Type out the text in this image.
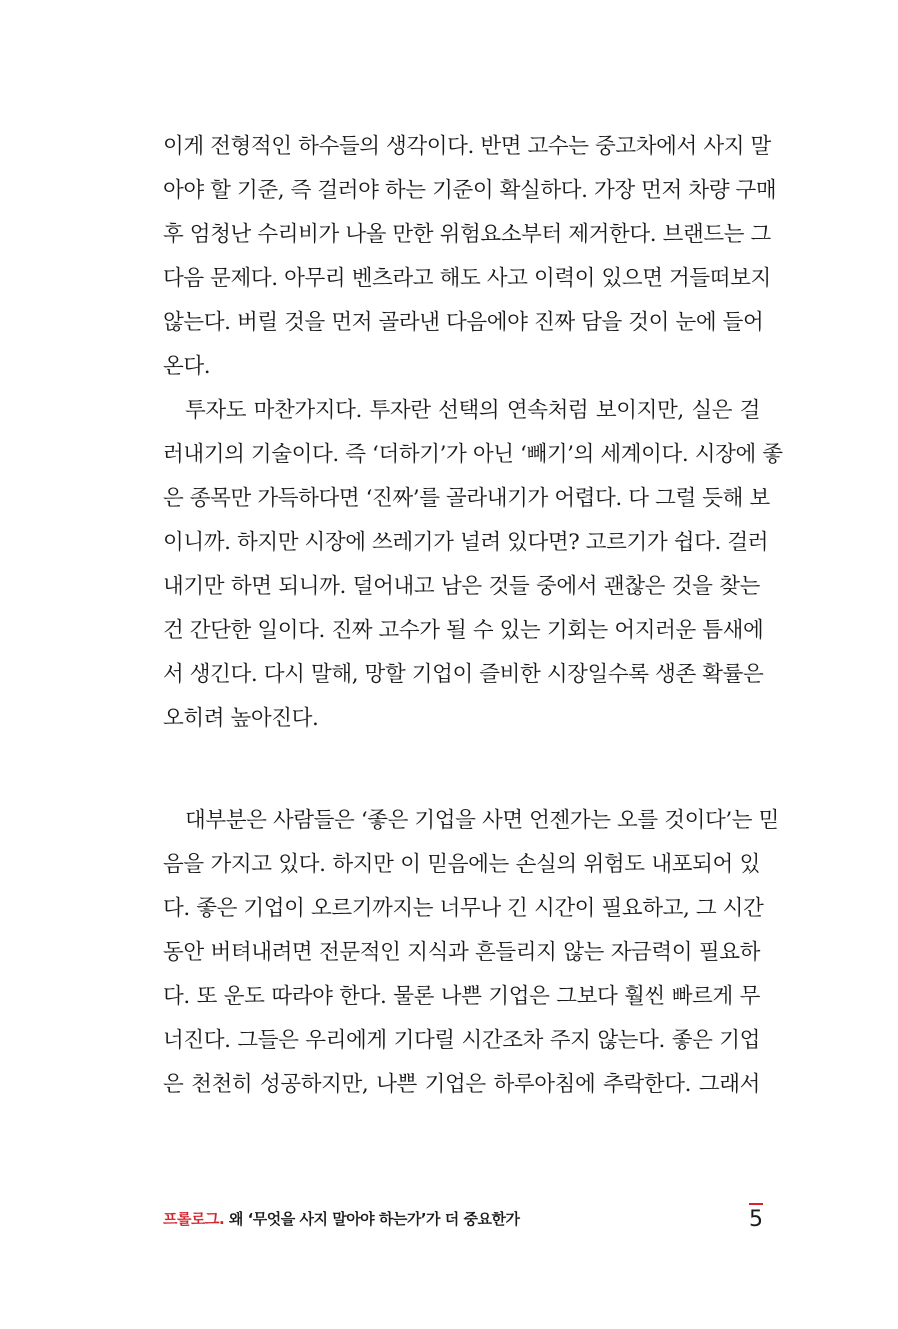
이게 전형적인 하수들의 생각이다. 반면 고수는 중고차에서 사지 말

아야 할 기준, 즉 걸러야 하는 기준이 확실하다. 가장 먼저 차량 구매

후 엄청난 수리비가 나올 만한 위험요소부터 제거한다. 브랜드는 그

다음 문제다. 아무리 벤츠라고 해도 사고 이력이 있으면 거들떠보지

않는다. 버릴 것을 먼저 골라낸 다음에야 진짜 담을 것이 눈에 들어

온다.

투자도 마찬가지다. 투자란 선택의 연속처럼 보이지만, 실은 걸

러내기의 기술이다. 즉 ‘더하기’가 아닌 ‘빼기’의 세계이다. 시장에 좋

은 종목만 가득하다면 ‘진짜’를 골라내기가 어렵다. 다 그럴 듯해 보

이니까. 하지만 시장에 쓰레기가 널려 있다면? 고르기가 쉽다. 걸러

내기만 하면 되니까. 덜어내고 남은 것들 중에서 괜찮은 것을 찾는

건 간단한 일이다. 진짜 고수가 될 수 있는 기회는 어지러운 틈새에

서 생긴다. 다시 말해, 망할 기업이 즐비한 시장일수록 생존 확률은

오히려 높아진다.

대부분은 사람들은 ‘좋은 기업을 사면 언젠가는 오를 것이다’는 믿

음을 가지고 있다. 하지만 이 믿음에는 손실의 위험도 내포되어 있

다. 좋은 기업이 오르기까지는 너무나 긴 시간이 필요하고, 그 시간

동안 버텨내려면 전문적인 지식과 흔들리지 않는 자금력이 필요하

다. 또 운도 따라야 한다. 물론 나쁜 기업은 그보다 훨씬 빠르게 무

너진다. 그들은 우리에게 기다릴 시간조차 주지 않는다. 좋은 기업

은 천천히 성공하지만, 나쁜 기업은 하루아침에 추락한다. 그래서

프롤로그. 왜 ‘무엇을 사지 말아야 하는가’가 더 중요한가	5
